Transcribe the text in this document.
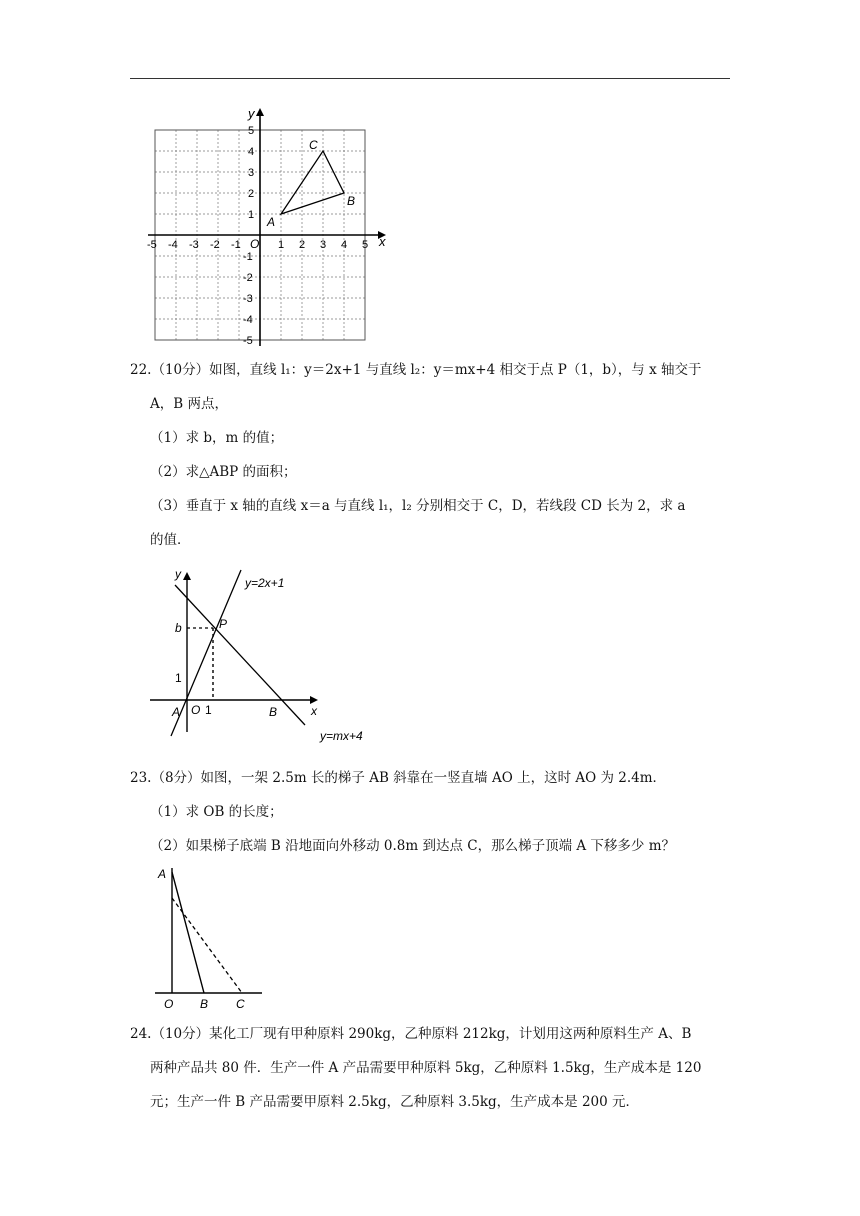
x
y
O
-5 -4 -3 -2 -1	1 2 3 4 5
5
4
3
2
1
-1
-2
-3
-4
-5
A
B
C
22.（10分）如图，直线 l₁：y＝2x+1 与直线 l₂：y＝mx+4 相交于点 P（1，b），与 x 轴交于
A，B 两点，
（1）求 b，m 的值；
（2）求△ABP 的面积；
（3）垂直于 x 轴的直线 x＝a 与直线 l₁，l₂ 分别相交于 C，D，若线段 CD 长为 2，求 a
的值．
y=2x+1
y=mx+4
y
x
b
1
P
A O 1	B
23.（8分）如图，一架 2.5m 长的梯子 AB 斜靠在一竖直墙 AO 上，这时 AO 为 2.4m．
（1）求 OB 的长度；
（2）如果梯子底端 B 沿地面向外移动 0.8m 到达点 C，那么梯子顶端 A 下移多少 m？
A
O B C
24.（10分）某化工厂现有甲种原料 290kg，乙种原料 212kg，计划用这两种原料生产 A、B
两种产品共 80 件．生产一件 A 产品需要甲种原料 5kg，乙种原料 1.5kg，生产成本是 120
元；生产一件 B 产品需要甲原料 2.5kg，乙种原料 3.5kg，生产成本是 200 元．
